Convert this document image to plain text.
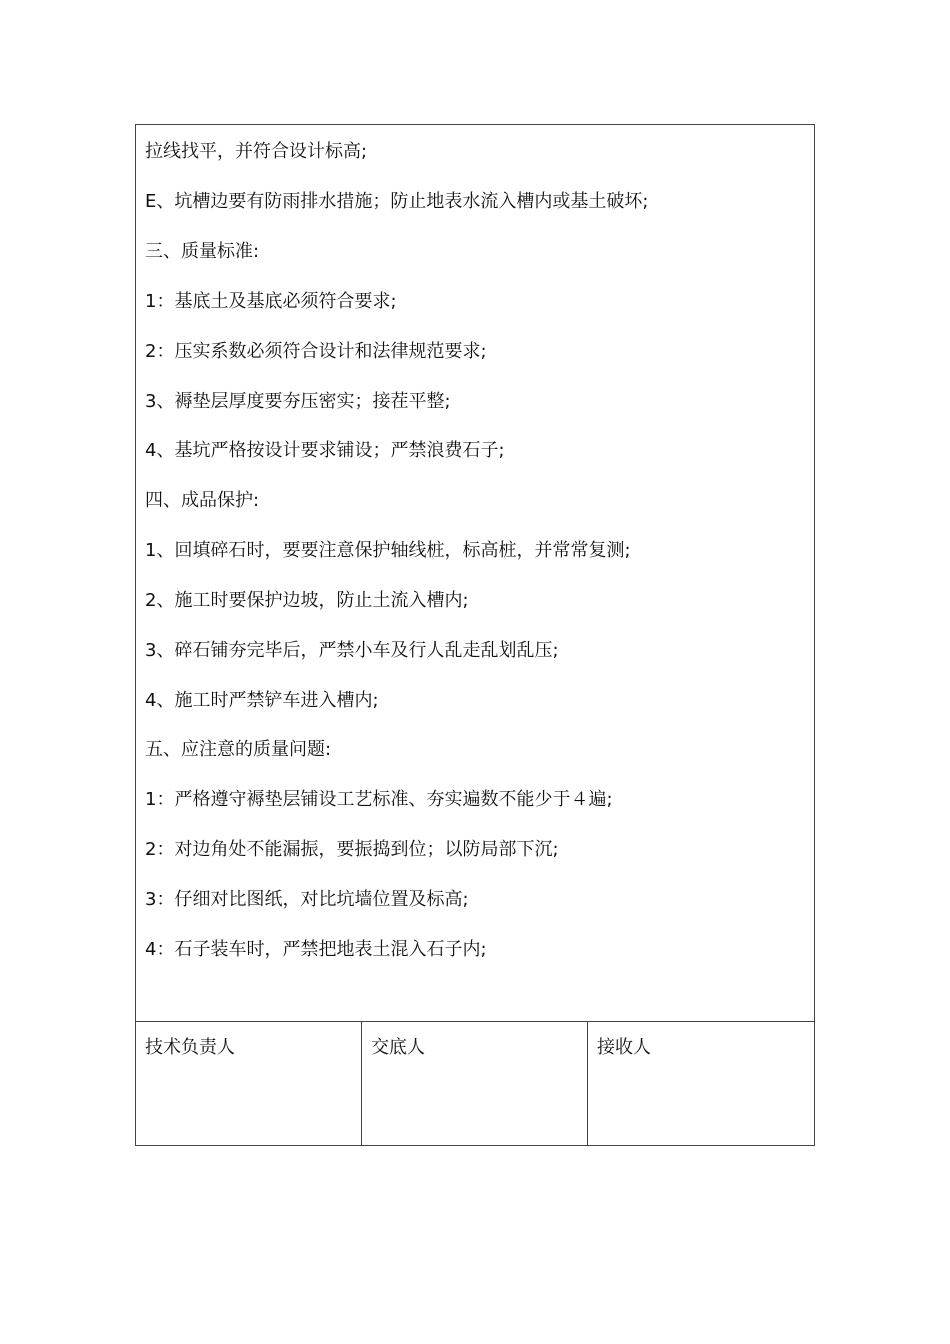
拉线找平，并符合设计标高;
E、坑槽边要有防雨排水措施；防止地表水流入槽内或基土破坏;
三、质量标准:
1：基底土及基底必须符合要求;
2：压实系数必须符合设计和法律规范要求;
3、褥垫层厚度要夯压密实；接茬平整;
4、基坑严格按设计要求铺设；严禁浪费石子;
四、成品保护:
1、回填碎石时，要要注意保护轴线桩，标高桩，并常常复测;
2、施工时要保护边坡，防止土流入槽内;
3、碎石铺夯完毕后，严禁小车及行人乱走乱划乱压;
4、施工时严禁铲车进入槽内;
五、应注意的质量问题:
1：严格遵守褥垫层铺设工艺标准、夯实遍数不能少于４遍;
2：对边角处不能漏振，要振捣到位；以防局部下沉;
3：仔细对比图纸，对比坑墙位置及标高;
4：石子装车时，严禁把地表土混入石子内;
技术负责人	交底人	接收人
